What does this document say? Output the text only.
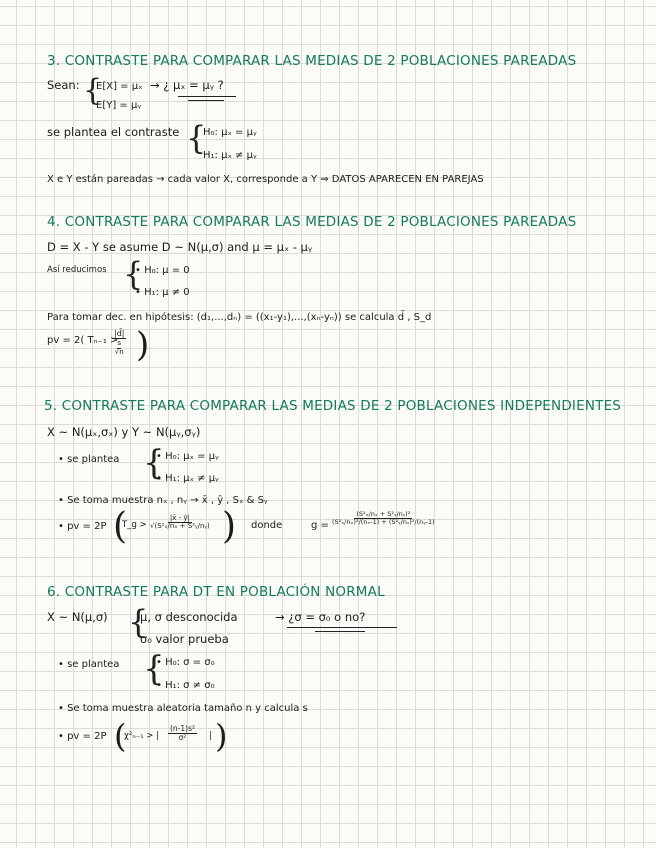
3. CONTRASTE PARA COMPARAR LAS MEDIAS DE 2 POBLACIONES PAREADAS
Sean: {
E[X] = μₓ
E[Y] = μᵧ
→ ¿ μₓ = μᵧ ?
se plantea el contraste {
H₀: μₓ = μᵧ
H₁: μₓ ≠ μᵧ
X e Y están pareadas → cada valor X, corresponde a Y ⇒ DATOS APARECEN EN PAREJAS
4. CONTRASTE PARA COMPARAR LAS MEDIAS DE 2 POBLACIONES PAREADAS
D = X - Y se asume D ~ N(μ,σ) and μ = μₓ - μᵧ
Así reducimos {
• H₀: μ = 0
• H₁: μ ≠ 0
Para tomar dec. en hipótesis: (d₁,...,dₙ) = ((x₁-y₁),...,(xₙ-yₙ)) se calcula d̄ , S_d
pv = 2( Tₙ₋₁ >
$\frac{|d̄|}{\frac{s}{√n}}$ )
5. CONTRASTE PARA COMPARAR LAS MEDIAS DE 2 POBLACIONES INDEPENDIENTES
X ~ N(μₓ,σₓ) y Y ~ N(μᵧ,σᵧ)
• se plantea {
• H₀: μₓ = μᵧ
• H₁: μₓ ≠ μᵧ
• Se toma muestra nₓ , nᵧ → x̄ , ȳ , Sₓ & Sᵧ
• pv = 2P (
T_g > $\frac{|x̄ - ȳ|}{\text{√(S²ₓ/nₓ + S²ᵧ/nᵧ)}}$ ) donde	$g = \frac{\text{(S²ₓ/nₓ + S²ᵧ/nᵧ)²}}{\text{(S²ₓ/nₓ)²/(nₓ-1) + (S²ᵧ/nᵧ)²/(nᵧ-1)}}$
6. CONTRASTE PARA DT EN POBLACIÓN NORMAL
X ~ N(μ,σ) {
μ, σ desconocida	→ ¿σ = σ₀ o no?
σ₀ valor prueba
• se plantea {
• H₀: σ = σ₀
• H₁: σ ≠ σ₀
• Se toma muestra aleatoria tamaño n y calcula s
• pv = 2P (
χ²ₙ₋₁ > | $\frac{\text{(n-1)s²}}{\text{σ²}}$ | )
